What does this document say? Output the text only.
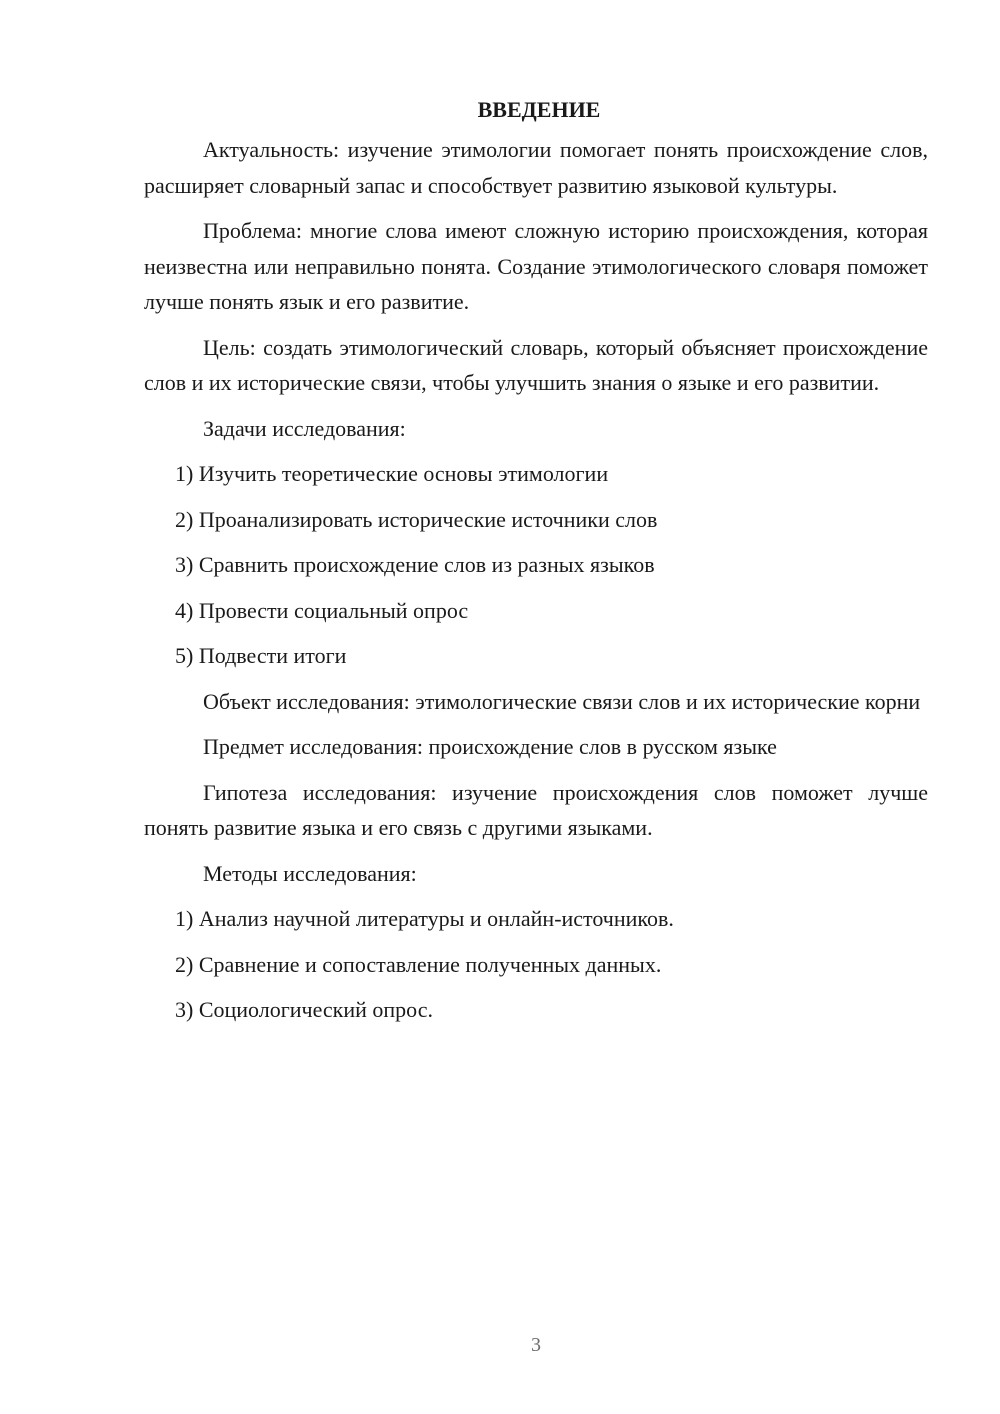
ВВЕДЕНИЕ

Актуальность: изучение этимологии помогает понять происхождение слов, расширяет словарный запас и способствует развитию языковой культуры.

Проблема: многие слова имеют сложную историю происхождения, которая неизвестна или неправильно понята. Создание этимологического словаря поможет лучше понять язык и его развитие.

Цель: создать этимологический словарь, который объясняет происхождение слов и их исторические связи, чтобы улучшить знания о языке и его развитии.

Задачи исследования:
1) Изучить теоретические основы этимологии
2) Проанализировать исторические источники слов
3) Сравнить происхождение слов из разных языков
4) Провести социальный опрос
5) Подвести итоги

Объект исследования: этимологические связи слов и их исторические корни

Предмет исследования: происхождение слов в русском языке

Гипотеза исследования: изучение происхождения слов поможет лучше понять развитие языка и его связь с другими языками.

Методы исследования:
1) Анализ научной литературы и онлайн-источников.
2) Сравнение и сопоставление полученных данных.
3) Социологический опрос.
3
